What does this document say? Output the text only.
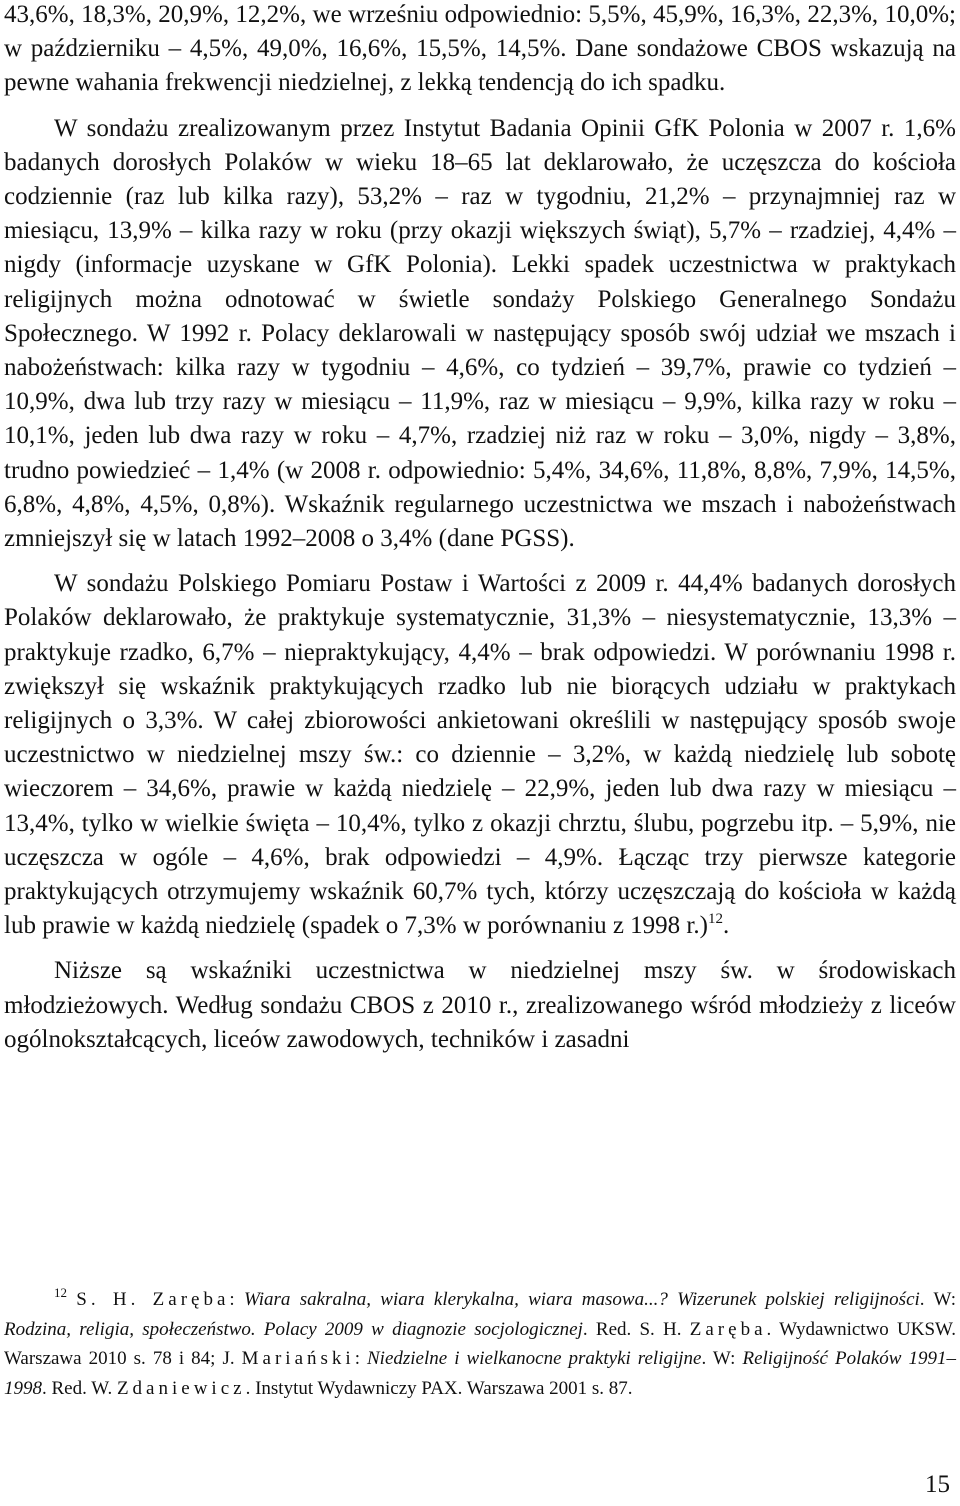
43,6%, 18,3%, 20,9%, 12,2%, we wrześniu odpowiednio: 5,5%, 45,9%, 16,3%, 22,3%, 10,0%; w październiku – 4,5%, 49,0%, 16,6%, 15,5%, 14,5%. Dane sondażowe CBOS wskazują na pewne wahania frekwencji niedzielnej, z lekką tendencją do ich spadku.

W sondażu zrealizowanym przez Instytut Badania Opinii GfK Polonia w 2007 r. 1,6% badanych dorosłych Polaków w wieku 18–65 lat deklarowało, że uczęszcza do kościoła codziennie (raz lub kilka razy), 53,2% – raz w tygodniu, 21,2% – przynajmniej raz w miesiącu, 13,9% – kilka razy w roku (przy okazji większych świąt), 5,7% – rzadziej, 4,4% – nigdy (informacje uzyskane w GfK Polonia). Lekki spadek uczestnictwa w praktykach religijnych można odnotować w świetle sondaży Polskiego Generalnego Sondażu Społecznego. W 1992 r. Polacy deklarowali w następujący sposób swój udział we mszach i nabożeństwach: kilka razy w tygodniu – 4,6%, co tydzień – 39,7%, prawie co tydzień – 10,9%, dwa lub trzy razy w miesiącu – 11,9%, raz w miesiącu – 9,9%, kilka razy w roku – 10,1%, jeden lub dwa razy w roku – 4,7%, rzadziej niż raz w roku – 3,0%, nigdy – 3,8%, trudno powiedzieć – 1,4% (w 2008 r. odpowiednio: 5,4%, 34,6%, 11,8%, 8,8%, 7,9%, 14,5%, 6,8%, 4,8%, 4,5%, 0,8%). Wskaźnik regularnego uczestnictwa we mszach i nabożeństwach zmniejszył się w latach 1992–2008 o 3,4% (dane PGSS).

W sondażu Polskiego Pomiaru Postaw i Wartości z 2009 r. 44,4% badanych dorosłych Polaków deklarowało, że praktykuje systematycznie, 31,3% – niesystematycznie, 13,3% – praktykuje rzadko, 6,7% – niepraktykujący, 4,4% – brak odpowiedzi. W porównaniu 1998 r. zwiększył się wskaźnik praktykujących rzadko lub nie biorących udziału w praktykach religijnych o 3,3%. W całej zbiorowości ankietowani określili w następujący sposób swoje uczestnictwo w niedzielnej mszy św.: co dziennie – 3,2%, w każdą niedzielę lub sobotę wieczorem – 34,6%, prawie w każdą niedzielę – 22,9%, jeden lub dwa razy w miesiącu – 13,4%, tylko w wielkie święta – 10,4%, tylko z okazji chrztu, ślubu, pogrzebu itp. – 5,9%, nie uczęszcza w ogóle – 4,6%, brak odpowiedzi – 4,9%. Łącząc trzy pierwsze kategorie praktykujących otrzymujemy wskaźnik 60,7% tych, którzy uczęszczają do kościoła w każdą lub prawie w każdą niedzielę (spadek o 7,3% w porównaniu z 1998 r.)$^{12}$.

Niższe są wskaźniki uczestnictwa w niedzielnej mszy św. w środowiskach młodzieżowych. Według sondażu CBOS z 2010 r., zrealizowanego wśród młodzieży z liceów ogólnokształcących, liceów zawodowych, techników i zasadni

$^{12}$ S. H. Zaręba: Wiara sakralna, wiara klerykalna, wiara masowa...? Wizerunek polskiej religijności. W: Rodzina, religia, społeczeństwo. Polacy 2009 w diagnozie socjologicznej. Red. S. H. Zaręba. Wydawnictwo UKSW. Warszawa 2010 s. 78 i 84; J. Mariański: Niedzielne i wielkanocne praktyki religijne. W: Religijność Polaków 1991–1998. Red. W. Zdaniewicz. Instytut Wydawniczy PAX. Warszawa 2001 s. 87.

15
